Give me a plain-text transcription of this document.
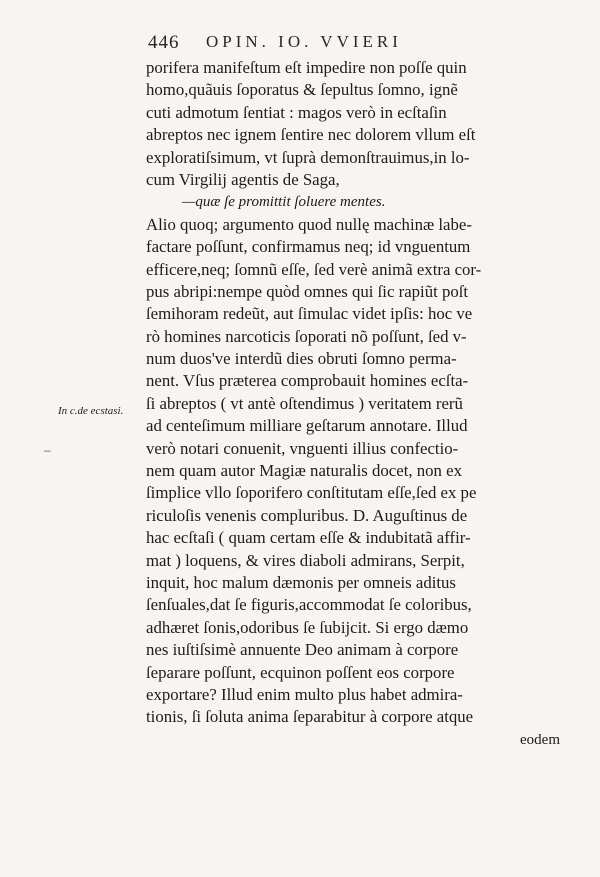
446 OPIN. IO. VVIERI
In c.de ecstasi.
–
porifera manifeſtum eſt impedire non poſſe quin
homo,quãuis ſoporatus & ſepultus ſomno, ignẽ
cuti admotum ſentiat : magos verò in ecſtaſin
abreptos nec ignem ſentire nec dolorem vllum eſt
exploratiſsimum, vt ſuprà demonſtrauimus,in lo-
cum Virgilij agentis de Saga,
—quæ ſe promittit ſoluere mentes.
Alio quoq; argumento quod nullę machinæ labe-
factare poſſunt, confirmamus neq; id vnguentum
efficere,neq; ſomnũ eſſe, ſed verè animã extra cor-
pus abripi:nempe quòd omnes qui ſic rapiũt poſt
ſemihoram redeũt, aut ſimulac videt ipſis: hoc ve
rò homines narcoticis ſoporati nõ poſſunt, ſed v-
num duos've interdũ dies obruti ſomno perma-
nent. Vſus præterea comprobauit homines ecſta-
ſi abreptos ( vt antè oſtendimus ) veritatem rerũ
ad centeſimum milliare geſtarum annotare. Illud
verò notari conuenit, vnguenti illius confectio-
nem quam autor Magiæ naturalis docet, non ex
ſimplice vllo ſoporifero conſtitutam eſſe,ſed ex pe
riculoſis venenis compluribus. D. Auguſtinus de
hac ecſtaſi ( quam certam eſſe & indubitatã affir-
mat ) loquens, & vires diaboli admirans, Serpit,
inquit, hoc malum dæmonis per omneis aditus
ſenſuales,dat ſe figuris,accommodat ſe coloribus,
adhæret ſonis,odoribus ſe ſubijcit. Si ergo dæmo
nes iuſtiſsimè annuente Deo animam à corpore
ſeparare poſſunt, ecquinon poſſent eos corpore
exportare? Illud enim multo plus habet admira-
tionis, ſi ſoluta anima ſeparabitur à corpore atque
eodem
